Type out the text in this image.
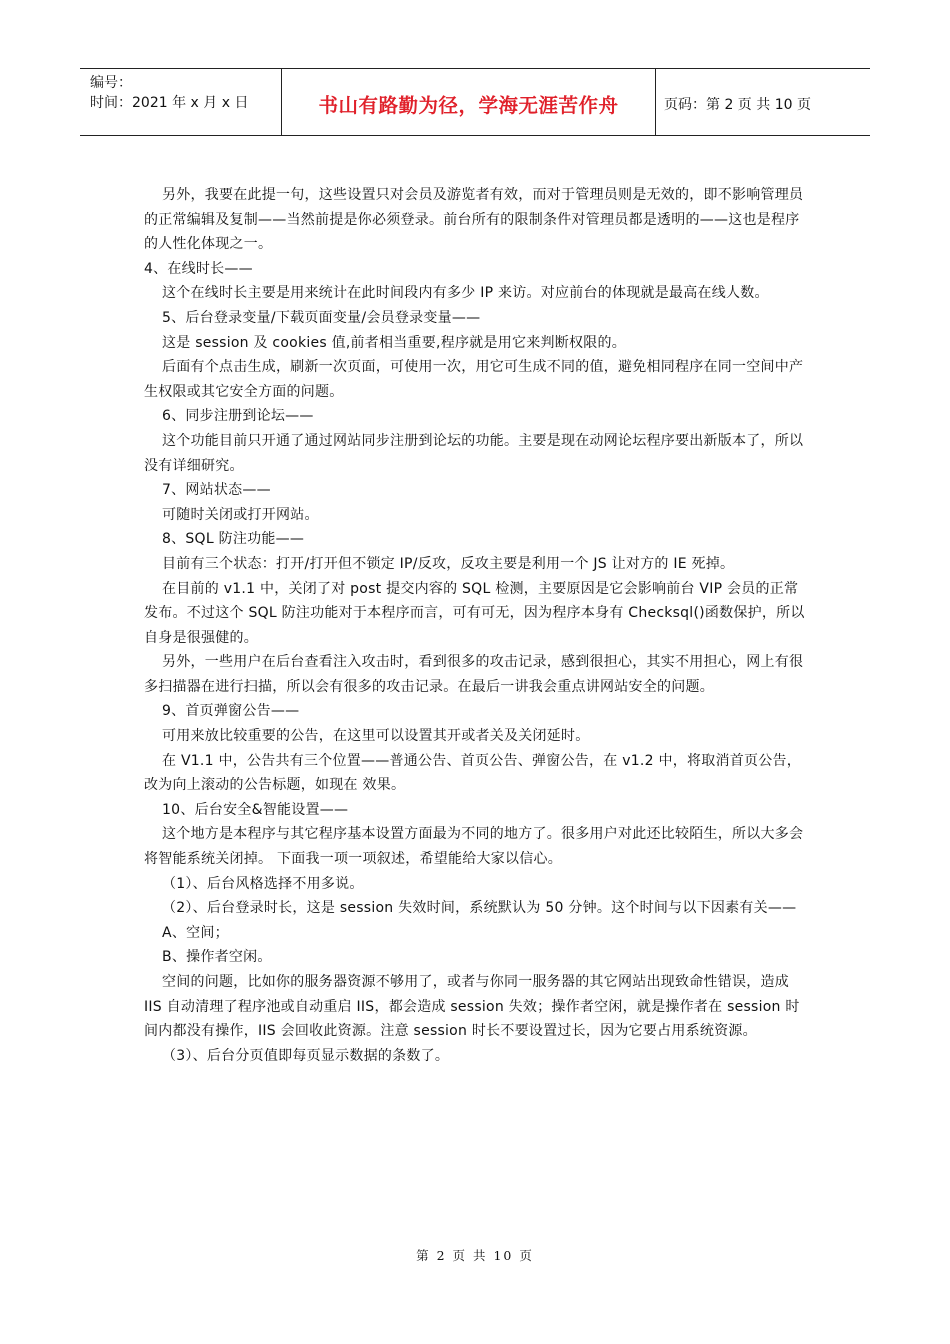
编号：
时间：2021 年 x 月 x 日	书山有路勤为径，学海无涯苦作舟	页码：第 2 页 共 10 页

另外，我要在此提一句，这些设置只对会员及游览者有效，而对于管理员则是无效的，即不影响管理员的正常编辑及复制——当然前提是你必须登录。前台所有的限制条件对管理员都是透明的——这也是程序的人性化体现之一。

4、在线时长——

这个在线时长主要是用来统计在此时间段内有多少 IP 来访。对应前台的体现就是最高在线人数。

5、后台登录变量/下载页面变量/会员登录变量——

这是 session 及 cookies 值,前者相当重要,程序就是用它来判断权限的。

后面有个点击生成，刷新一次页面，可使用一次，用它可生成不同的值，避免相同程序在同一空间中产生权限或其它安全方面的问题。

6、同步注册到论坛——

这个功能目前只开通了通过网站同步注册到论坛的功能。主要是现在动网论坛程序要出新版本了，所以没有详细研究。

7、网站状态——

可随时关闭或打开网站。

8、SQL 防注功能——

目前有三个状态：打开/打开但不锁定 IP/反攻，反攻主要是利用一个 JS 让对方的 IE 死掉。

在目前的 v1.1 中，关闭了对 post 提交内容的 SQL 检测，主要原因是它会影响前台 VIP 会员的正常发布。不过这个 SQL 防注功能对于本程序而言，可有可无，因为程序本身有 Checksql()函数保护，所以自身是很强健的。

另外，一些用户在后台查看注入攻击时，看到很多的攻击记录，感到很担心，其实不用担心，网上有很多扫描器在进行扫描，所以会有很多的攻击记录。在最后一讲我会重点讲网站安全的问题。

9、首页弹窗公告——

可用来放比较重要的公告，在这里可以设置其开或者关及关闭延时。

在 V1.1 中，公告共有三个位置——普通公告、首页公告、弹窗公告，在 v1.2 中，将取消首页公告，改为向上滚动的公告标题，如现在 效果。

10、后台安全&智能设置——

这个地方是本程序与其它程序基本设置方面最为不同的地方了。很多用户对此还比较陌生，所以大多会将智能系统关闭掉。 下面我一项一项叙述，希望能给大家以信心。

（1）、后台风格选择不用多说。

（2）、后台登录时长，这是 session 失效时间，系统默认为 50 分钟。这个时间与以下因素有关——

A、空间；

B、操作者空闲。

空间的问题，比如你的服务器资源不够用了，或者与你同一服务器的其它网站出现致命性错误，造成 IIS 自动清理了程序池或自动重启 IIS，都会造成 session 失效；操作者空闲，就是操作者在 session 时间内都没有操作，IIS 会回收此资源。注意 session 时长不要设置过长，因为它要占用系统资源。

（3）、后台分页值即每页显示数据的条数了。

第 2 页 共 10 页
